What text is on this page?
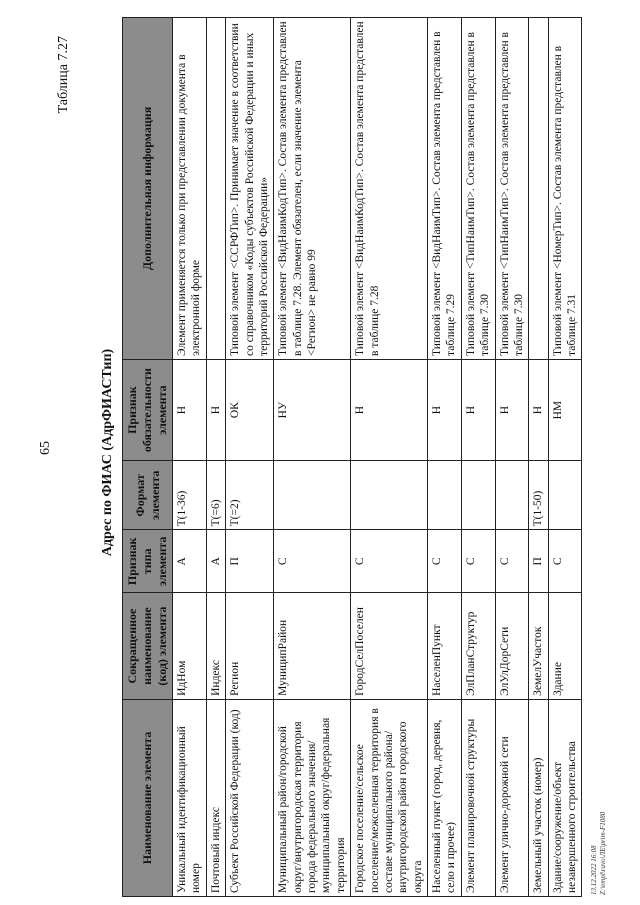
65
Таблица 7.27
Адрес по ФИАС (АдрФИАСТип)
Наименование элемента	Сокращенное наименование (код) элемента	Признак типа элемента	Формат элемента	Признак обязательности элемента	Дополнительная информация
Уникальный идентификационный номер	ИдНом	А	T(1-36)	Н	Элемент применяется только при представлении документа в электронной форме
Почтовый индекс	Индекс	А	T(=6)	Н	
Субъект Российской Федерации (код)	Регион	П	T(=2)	ОК	Типовой элемент <ССРФТип>. Принимает значение в соответствии со справочником «Коды субъектов Российской Федерации и иных территорий Российской Федерации»
Муниципальный район/городской округ/внутригородская территория города федерального значения/муниципальный округ/федеральная территория	МуниципРайон	С		НУ	Типовой элемент <ВидНаимКодТип>. Состав элемента представлен в таблице 7.28. Элемент обязателен, если значение элемента <Регион> не равно 99
Городское поселение/сельское поселение/межселенная территория в составе муниципального района/внутригородской район городского округа	ГородСелПоселен	С		Н	Типовой элемент <ВидНаимКодТип>. Состав элемента представлен в таблице 7.28
Населенный пункт (город, деревня, село и прочее)	НаселенПункт	С		Н	Типовой элемент <ВидНаимТип>. Состав элемента представлен в таблице 7.29
Элемент планировочной структуры	ЭлПланСтруктур	С		Н	Типовой элемент <ТипНаимТип>. Состав элемента представлен в таблице 7.30
Элемент улично-дорожной сети	ЭлУлДорСети	С		Н	Типовой элемент <ТипНаимТип>. Состав элемента представлен в таблице 7.30
Земельный участок (номер)	ЗемелУчасток	П	T(1-50)	Н	
Здание/сооружение/объект незавершенного строительства	Здание	С		НМ	Типовой элемент <НомерТип>. Состав элемента представлен в таблице 7.31
13.12.2022 16:08 Z:\empl\ravo\ЛЕ\prim-F1080
